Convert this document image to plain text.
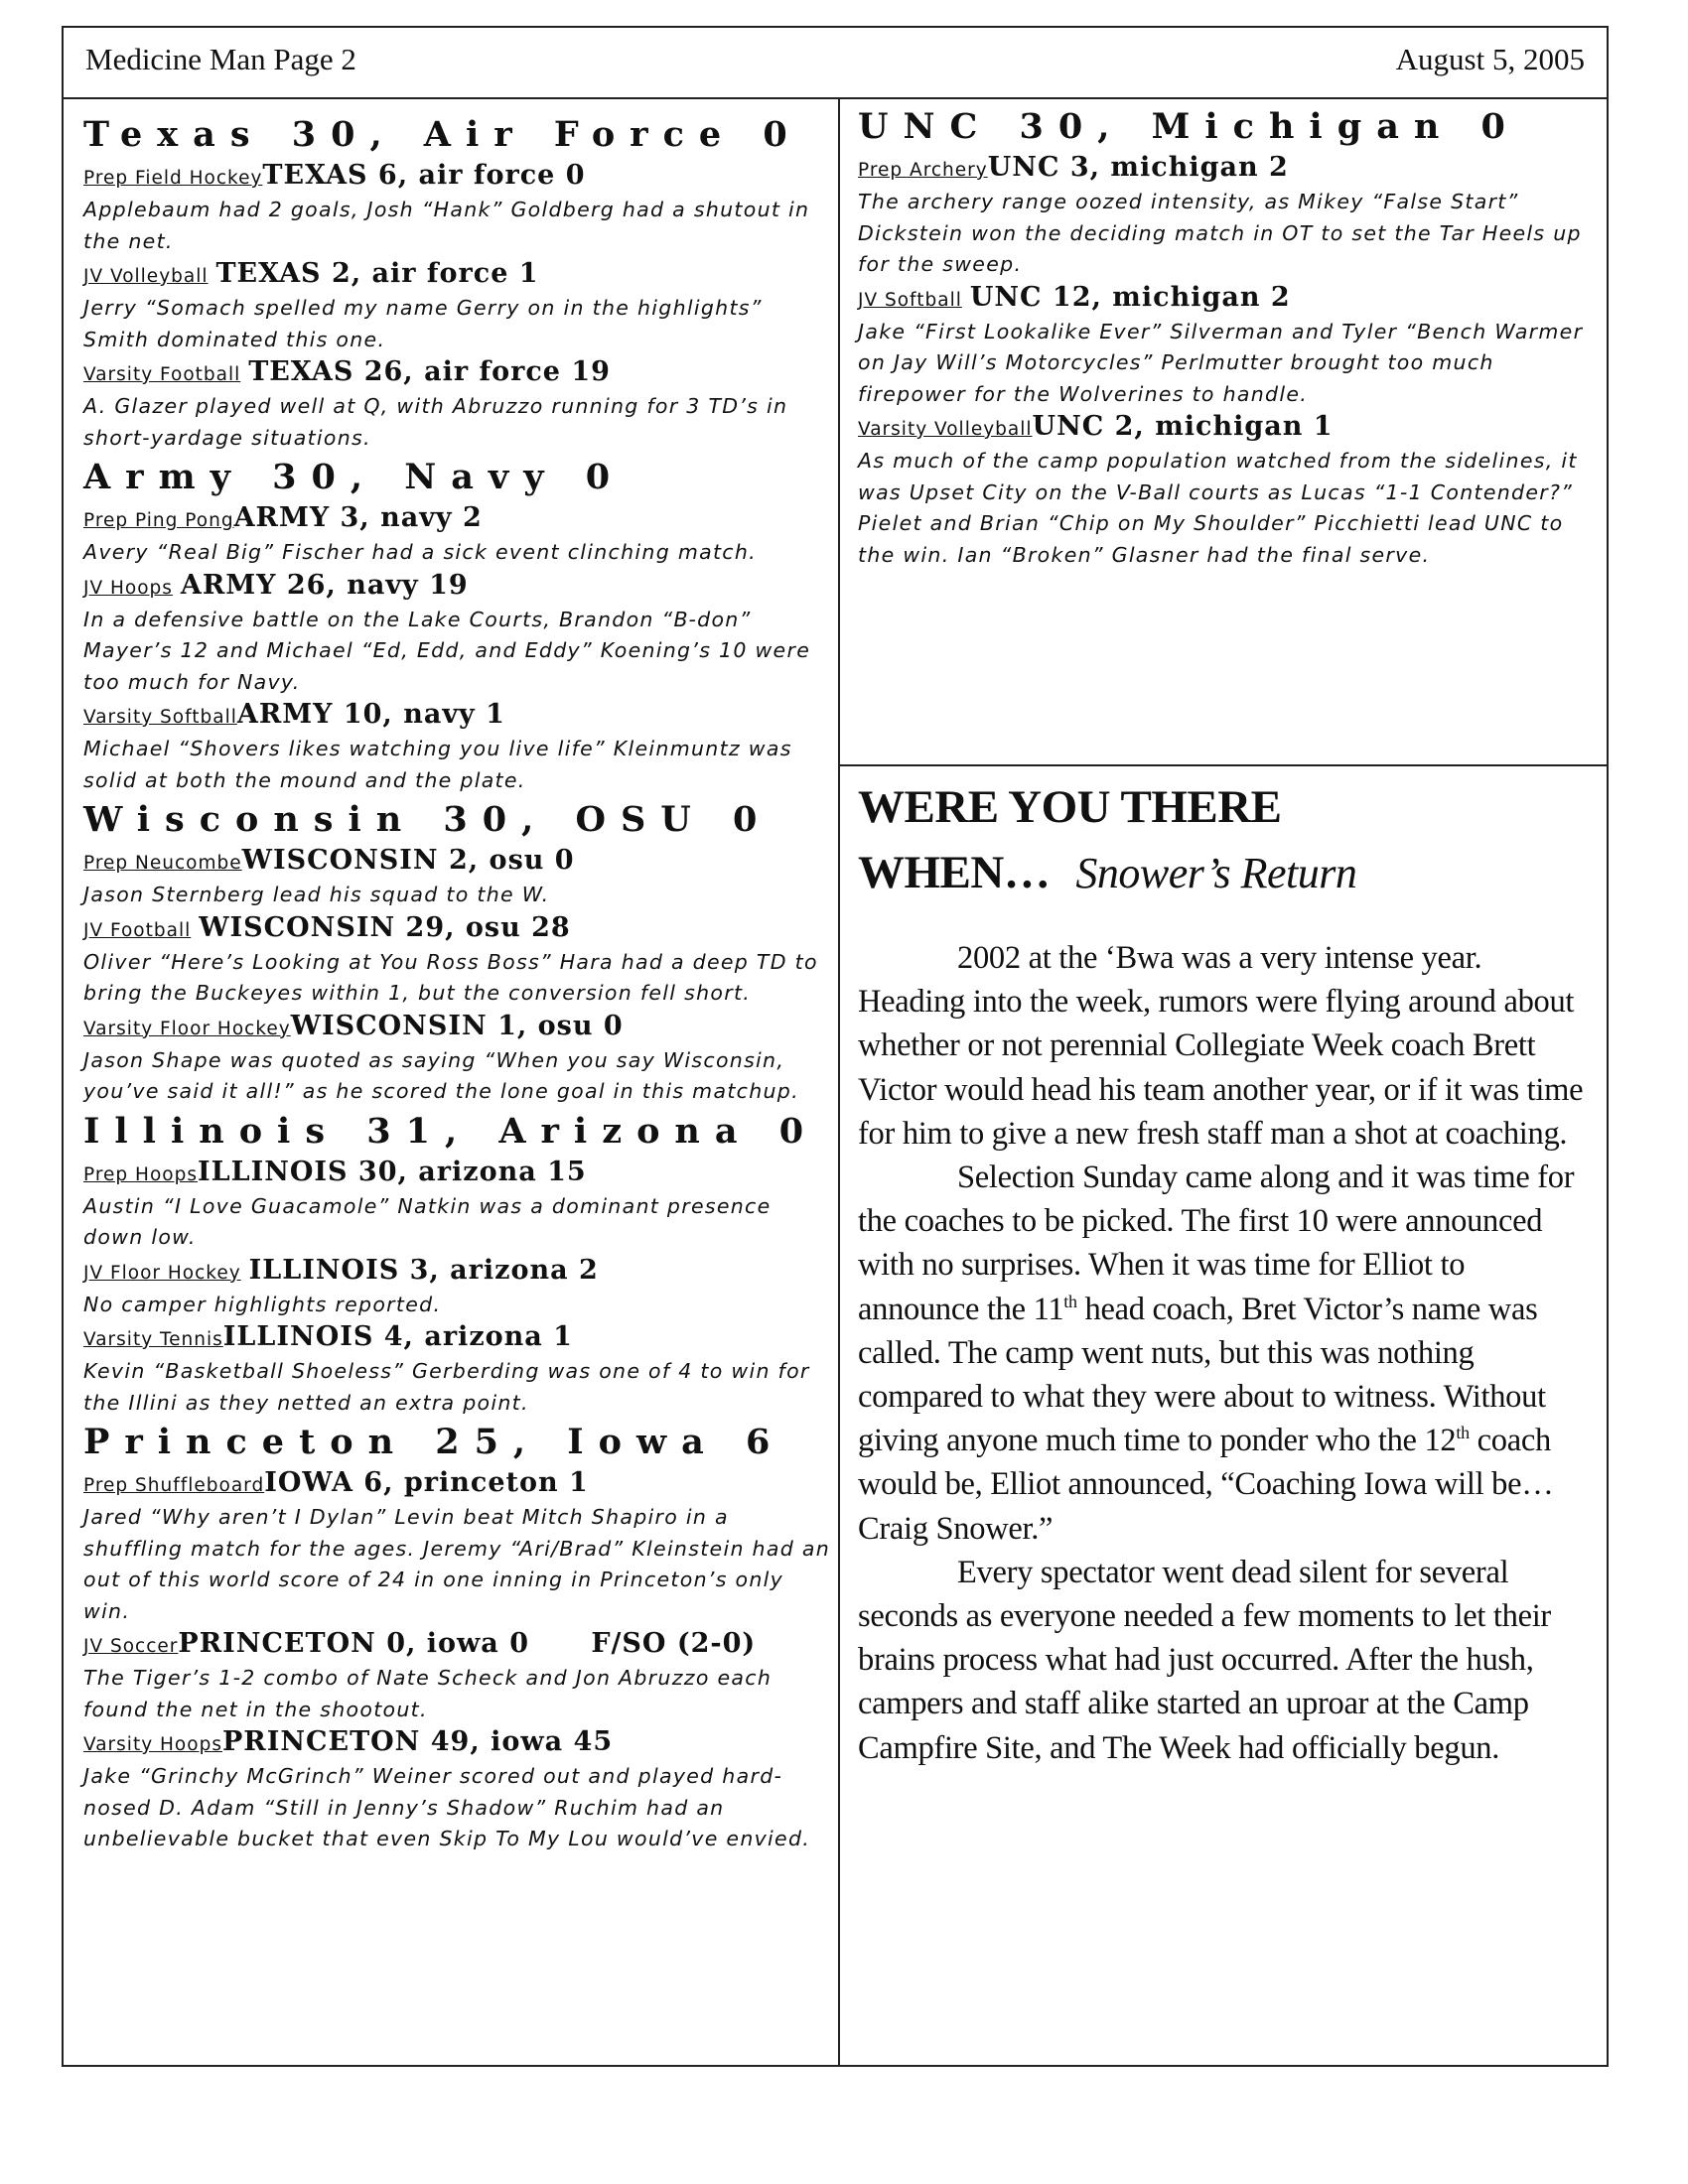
Medicine Man Page 2	August 5, 2005
Texas 30, Air Force 0

Prep Field HockeyTEXAS 6, air force 0

Applebaum had 2 goals, Josh “Hank” Goldberg had a shutout in the net.

JV Volleyball TEXAS 2, air force 1

Jerry “Somach spelled my name Gerry on in the highlights” Smith dominated this one.

Varsity Football TEXAS 26, air force 19

A. Glazer played well at Q, with Abruzzo running for 3 TD’s in short-yardage situations.

Army 30, Navy 0

Prep Ping PongARMY 3, navy 2

Avery “Real Big” Fischer had a sick event clinching match.

JV Hoops ARMY 26, navy 19

In a defensive battle on the Lake Courts, Brandon “B-don” Mayer’s 12 and Michael “Ed, Edd, and Eddy” Koening’s 10 were too much for Navy.

Varsity SoftballARMY 10, navy 1

Michael “Shovers likes watching you live life” Kleinmuntz was solid at both the mound and the plate.

Wisconsin 30, OSU 0

Prep NeucombeWISCONSIN 2, osu 0

Jason Sternberg lead his squad to the W.

JV Football WISCONSIN 29, osu 28

Oliver “Here’s Looking at You Ross Boss” Hara had a deep TD to bring the Buckeyes within 1, but the conversion fell short.

Varsity Floor HockeyWISCONSIN 1, osu 0

Jason Shape was quoted as saying “When you say Wisconsin, you’ve said it all!” as he scored the lone goal in this matchup.

Illinois 31, Arizona 0

Prep HoopsILLINOIS 30, arizona 15

Austin “I Love Guacamole” Natkin was a dominant presence down low.

JV Floor Hockey ILLINOIS 3, arizona 2

No camper highlights reported.

Varsity TennisILLINOIS 4, arizona 1

Kevin “Basketball Shoeless” Gerberding was one of 4 to win for the Illini as they netted an extra point.

Princeton 25, Iowa 6

Prep ShuffleboardIOWA 6, princeton 1

Jared “Why aren’t I Dylan” Levin beat Mitch Shapiro in a shuffling match for the ages. Jeremy “Ari/Brad” Kleinstein had an out of this world score of 24 in one inning in Princeton’s only win.

JV SoccerPRINCETON 0, iowa 0      F/SO (2-0)

The Tiger’s 1-2 combo of Nate Scheck and Jon Abruzzo each found the net in the shootout.

Varsity HoopsPRINCETON 49, iowa 45

Jake “Grinchy McGrinch” Weiner scored out and played hard-nosed D. Adam “Still in Jenny’s Shadow” Ruchim had an unbelievable bucket that even Skip To My Lou would’ve envied.

UNC 30, Michigan 0

Prep ArcheryUNC 3, michigan 2

The archery range oozed intensity, as Mikey “False Start” Dickstein won the deciding match in OT to set the Tar Heels up for the sweep.

JV Softball UNC 12, michigan 2

Jake “First Lookalike Ever” Silverman and Tyler “Bench Warmer on Jay Will’s Motorcycles” Perlmutter brought too much firepower for the Wolverines to handle.

Varsity VolleyballUNC 2, michigan 1

As much of the camp population watched from the sidelines, it was Upset City on the V-Ball courts as Lucas “1-1 Contender?” Pielet and Brian “Chip on My Shoulder” Picchietti lead UNC to the win. Ian “Broken” Glasner had the final serve.

WERE YOU THERE
WHEN… Snower’s Return

2002 at the ‘Bwa was a very intense year. Heading into the week, rumors were flying around about whether or not perennial Collegiate Week coach Brett Victor would head his team another year, or if it was time for him to give a new fresh staff man a shot at coaching.

Selection Sunday came along and it was time for the coaches to be picked. The first 10 were announced with no surprises. When it was time for Elliot to announce the 11th head coach, Bret Victor’s name was called. The camp went nuts, but this was nothing compared to what they were about to witness. Without giving anyone much time to ponder who the 12th coach would be, Elliot announced, “Coaching Iowa will be… Craig Snower.”

Every spectator went dead silent for several seconds as everyone needed a few moments to let their brains process what had just occurred. After the hush, campers and staff alike started an uproar at the Camp Campfire Site, and The Week had officially begun.
